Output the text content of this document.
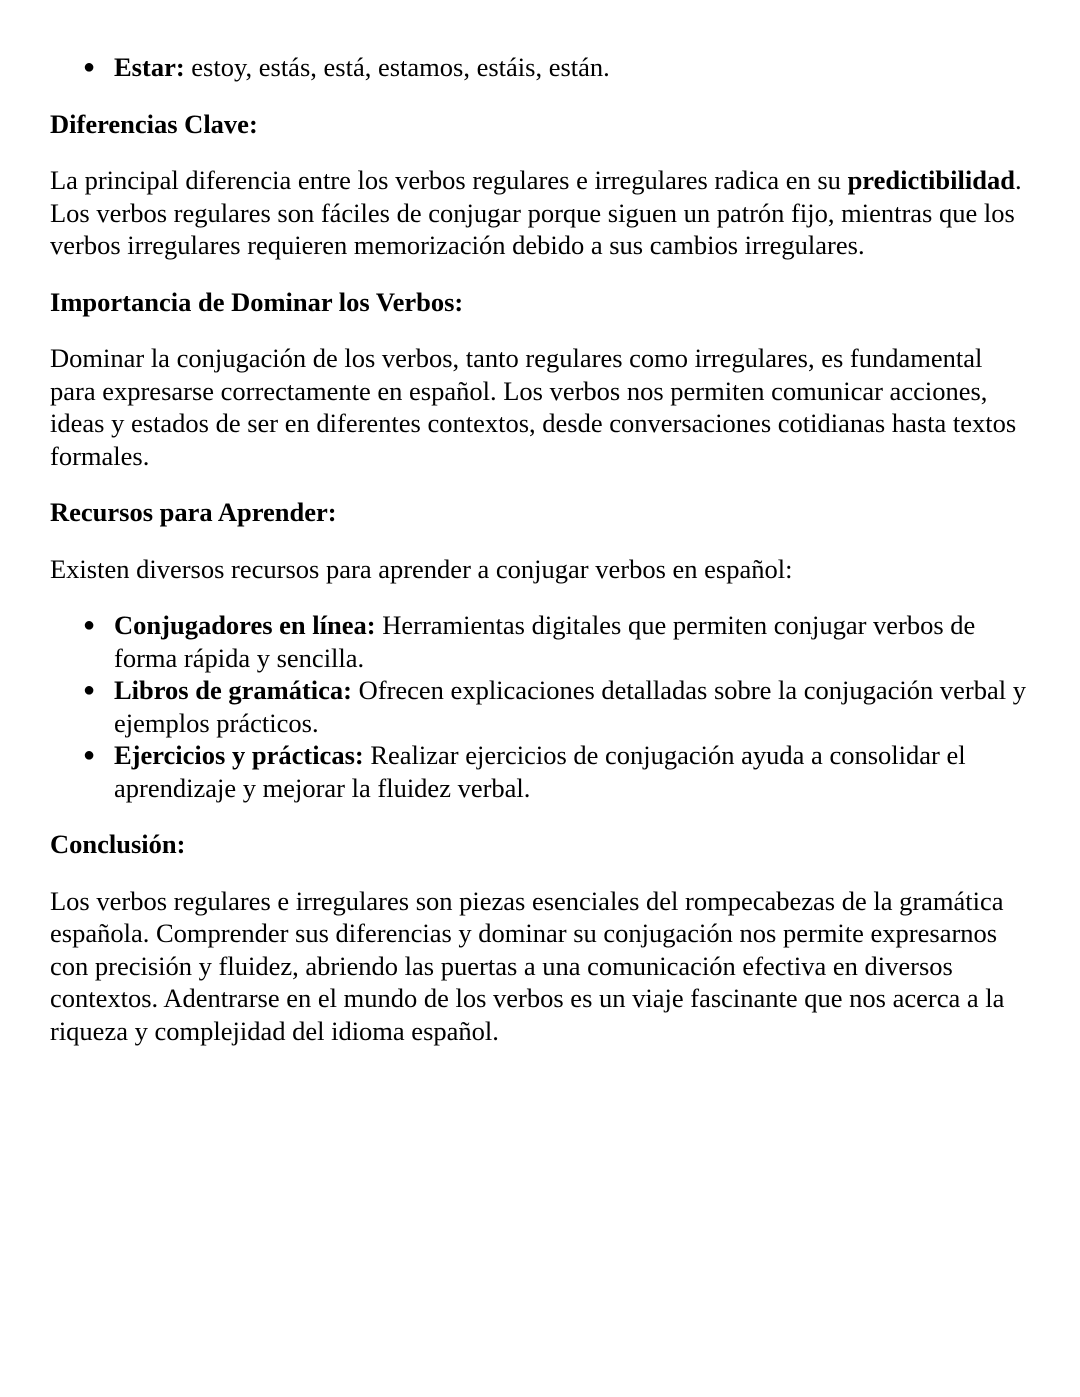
● Estar: estoy, estás, está, estamos, estáis, están.
Diferencias Clave:

La principal diferencia entre los verbos regulares e irregulares radica en su predictibilidad. Los verbos regulares son fáciles de conjugar porque siguen un patrón fijo, mientras que los verbos irregulares requieren memorización debido a sus cambios irregulares.

Importancia de Dominar los Verbos:

Dominar la conjugación de los verbos, tanto regulares como irregulares, es fundamental para expresarse correctamente en español. Los verbos nos permiten comunicar acciones, ideas y estados de ser en diferentes contextos, desde conversaciones cotidianas hasta textos formales.

Recursos para Aprender:

Existen diversos recursos para aprender a conjugar verbos en español:

● Conjugadores en línea: Herramientas digitales que permiten conjugar verbos de forma rápida y sencilla.
● Libros de gramática: Ofrecen explicaciones detalladas sobre la conjugación verbal y ejemplos prácticos.
● Ejercicios y prácticas: Realizar ejercicios de conjugación ayuda a consolidar el aprendizaje y mejorar la fluidez verbal.
Conclusión:

Los verbos regulares e irregulares son piezas esenciales del rompecabezas de la gramática española. Comprender sus diferencias y dominar su conjugación nos permite expresarnos con precisión y fluidez, abriendo las puertas a una comunicación efectiva en diversos contextos. Adentrarse en el mundo de los verbos es un viaje fascinante que nos acerca a la riqueza y complejidad del idioma español.
